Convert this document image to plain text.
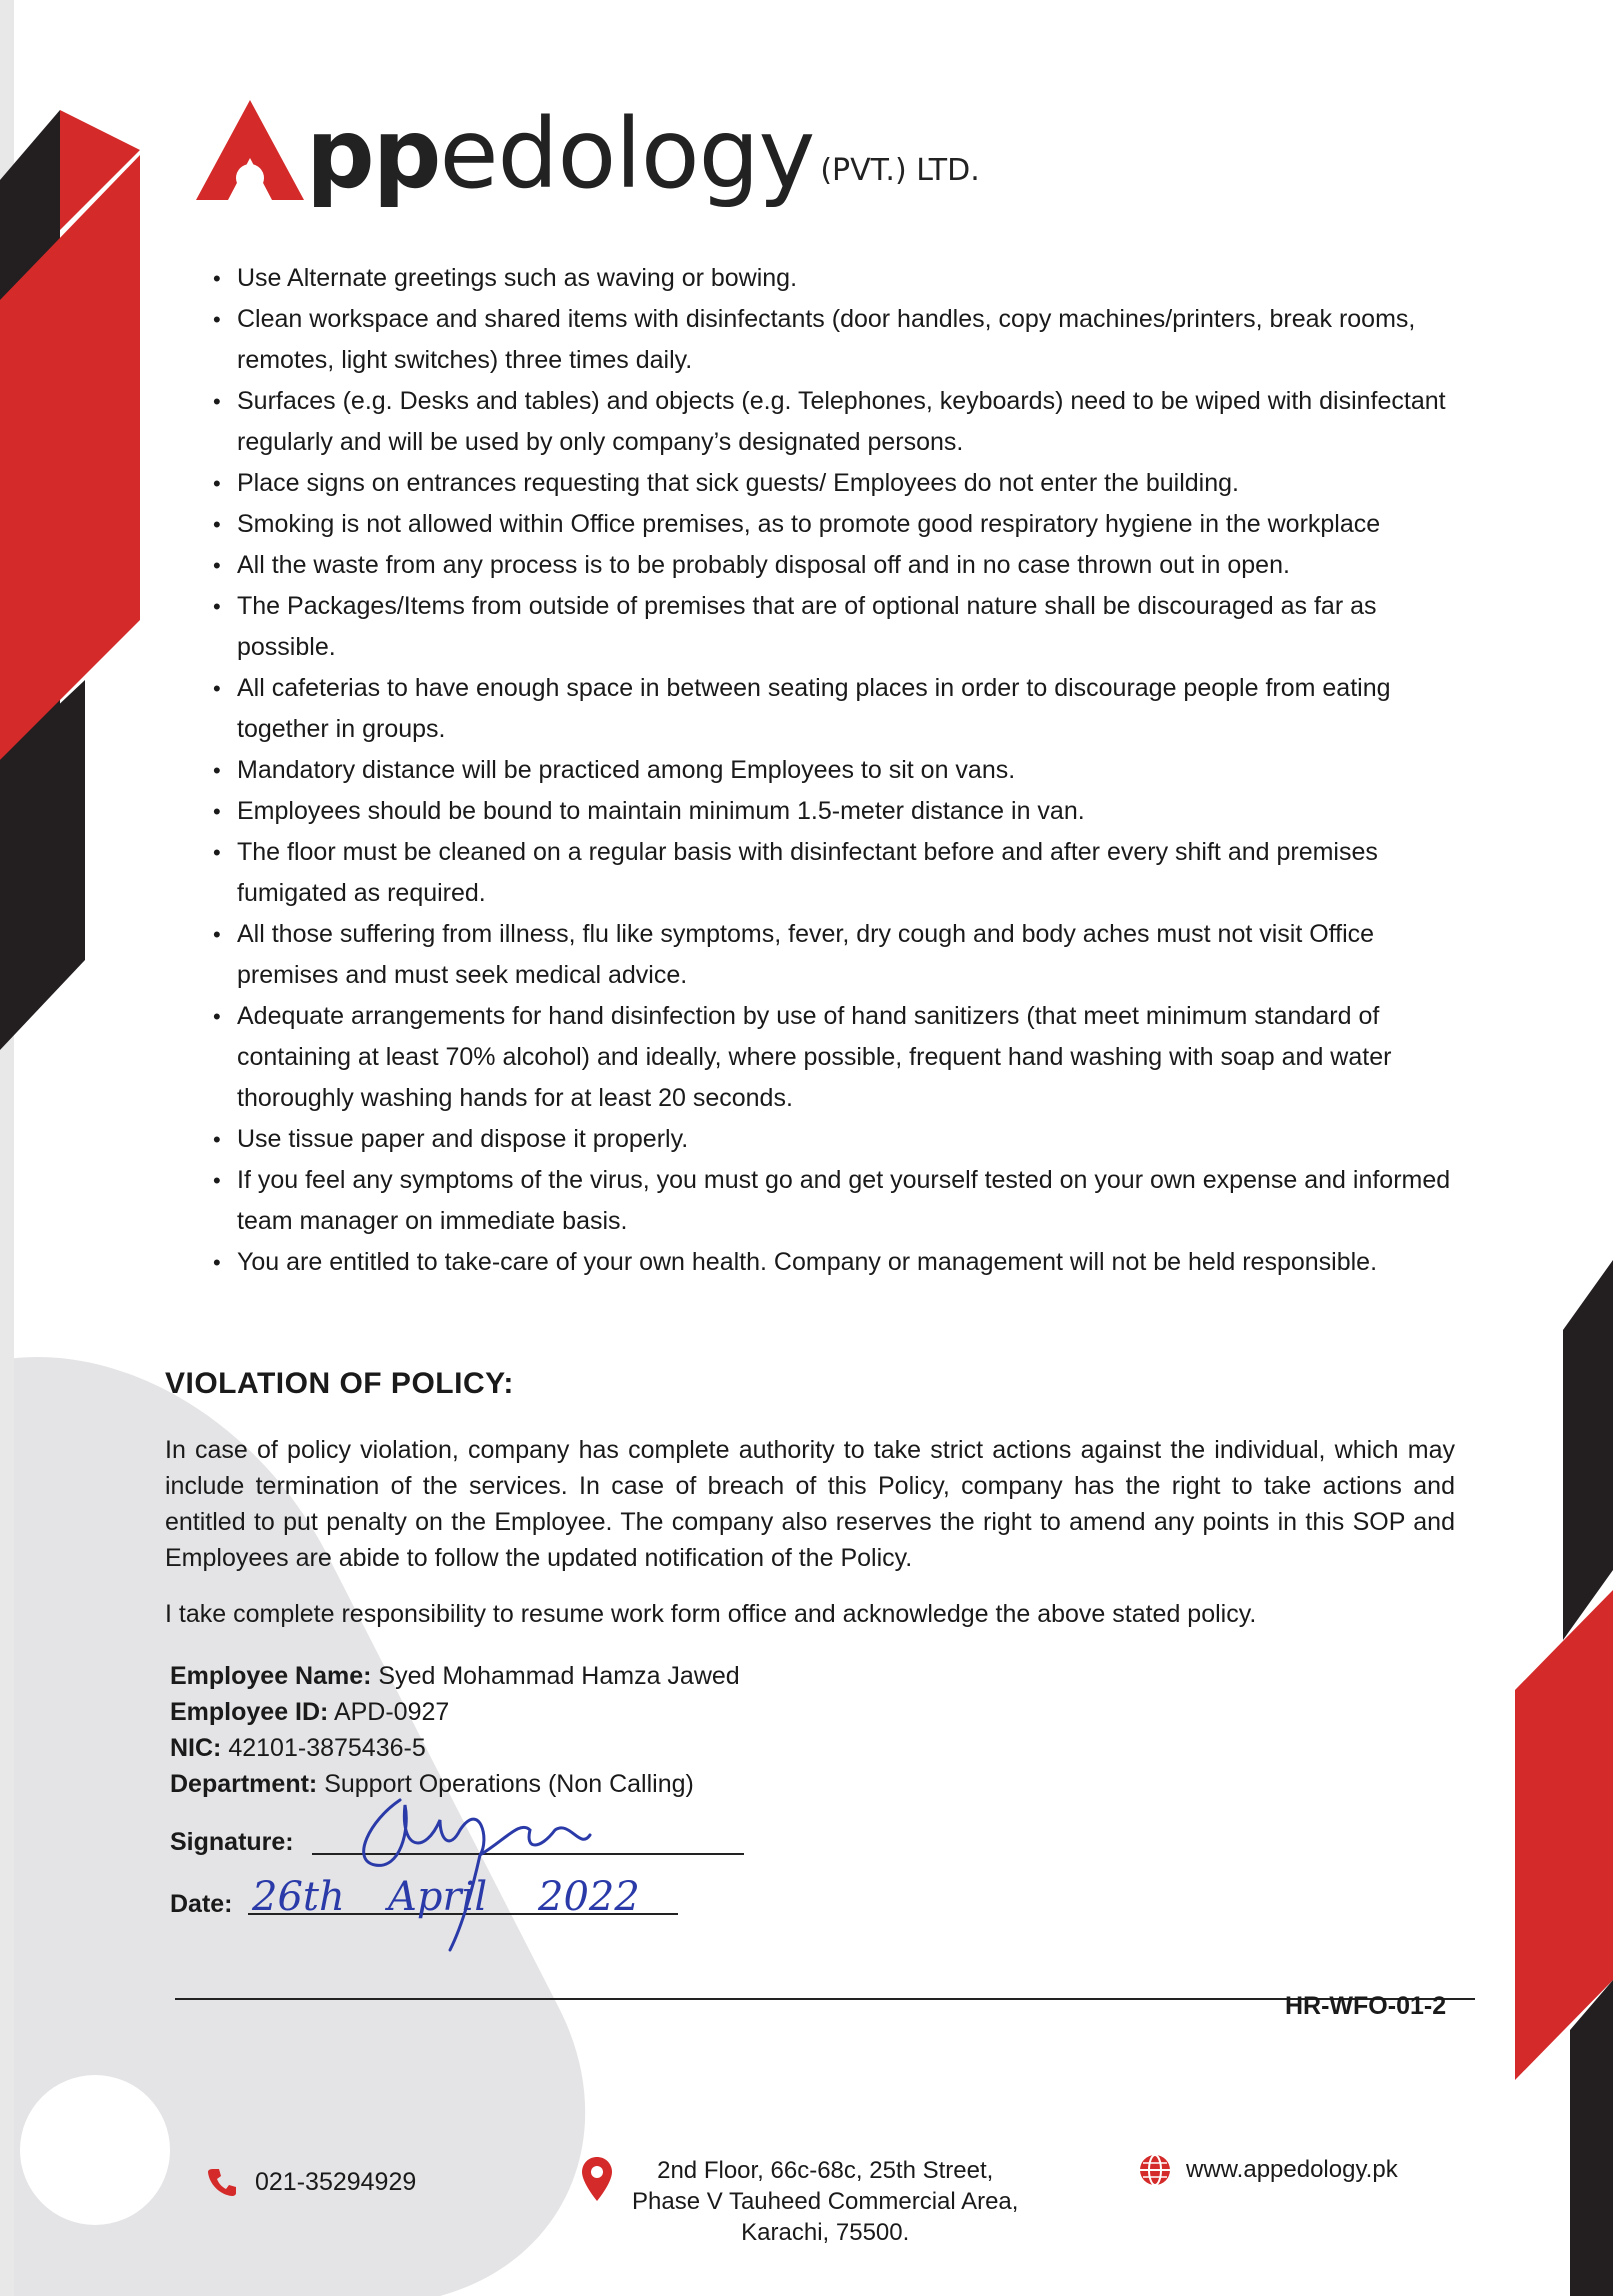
pp edology (PVT.) LTD.
• Use Alternate greetings such as waving or bowing.
• Clean workspace and shared items with disinfectants (door handles, copy machines/printers, break rooms, remotes, light switches) three times daily.
• Surfaces (e.g. Desks and tables) and objects (e.g. Telephones, keyboards) need to be wiped with disinfectant regularly and will be used by only company’s designated persons.
• Place signs on entrances requesting that sick guests/ Employees do not enter the building.
• Smoking is not allowed within Office premises, as to promote good respiratory hygiene in the workplace
• All the waste from any process is to be probably disposal off and in no case thrown out in open.
• The Packages/Items from outside of premises that are of optional nature shall be discouraged as far as possible.
• All cafeterias to have enough space in between seating places in order to discourage people from eating together in groups.
• Mandatory distance will be practiced among Employees to sit on vans.
• Employees should be bound to maintain minimum 1.5-meter distance in van.
• The floor must be cleaned on a regular basis with disinfectant before and after every shift and premises fumigated as required.
• All those suffering from illness, flu like symptoms, fever, dry cough and body aches must not visit Office premises and must seek medical advice.
• Adequate arrangements for hand disinfection by use of hand sanitizers (that meet minimum standard of containing at least 70% alcohol) and ideally, where possible, frequent hand washing with soap and water thoroughly washing hands for at least 20 seconds.
• Use tissue paper and dispose it properly.
• If you feel any symptoms of the virus, you must go and get yourself tested on your own expense and informed team manager on immediate basis.
• You are entitled to take-care of your own health. Company or management will not be held responsible.
VIOLATION OF POLICY:

In case of policy violation, company has complete authority to take strict actions against the individual, which may include termination of the services. In case of breach of this Policy, company has the right to take actions and entitled to put penalty on the Employee. The company also reserves the right to amend any points in this SOP and Employees are abide to follow the updated notification of the Policy.

I take complete responsibility to resume work form office and acknowledge the above stated policy.

Employee Name: Syed Mohammad Hamza Jawed
Employee ID: APD-0927
NIC: 42101-3875436-5
Department: Support Operations (Non Calling)
Signature:
Date: 26th April 2022
HR-WFO-01-2
021-35294929	2nd Floor, 66c-68c, 25th Street,
Phase V Tauheed Commercial Area,
Karachi, 75500.
www.appedology.pk
